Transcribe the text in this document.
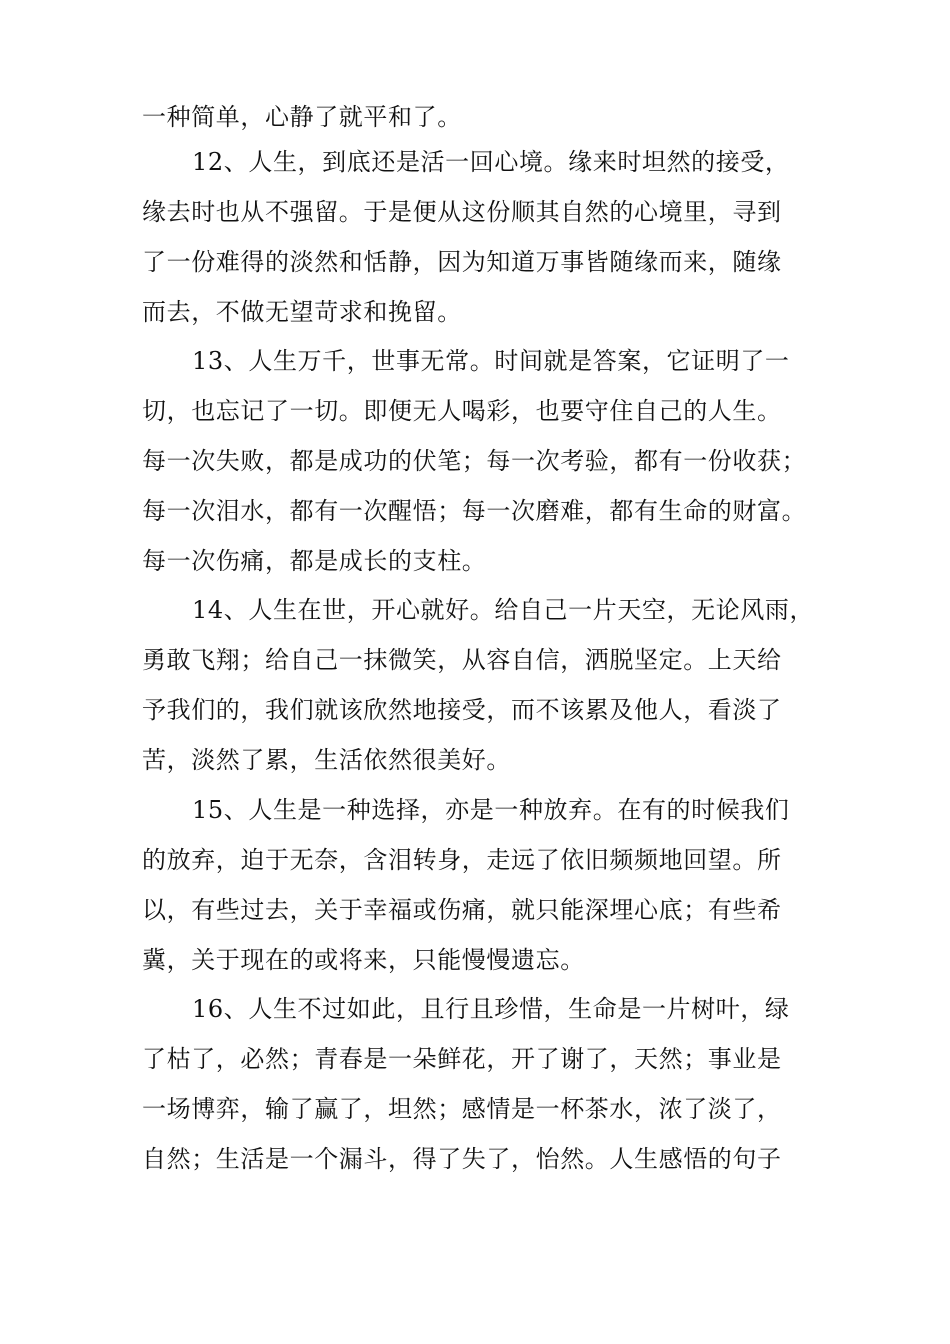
一种简单，心静了就平和了。

12、人生，到底还是活一回心境。缘来时坦然的接受，

缘去时也从不强留。于是便从这份顺其自然的心境里，寻到

了一份难得的淡然和恬静，因为知道万事皆随缘而来，随缘

而去，不做无望苛求和挽留。

13、人生万千，世事无常。时间就是答案，它证明了一

切，也忘记了一切。即便无人喝彩，也要守住自己的人生。

每一次失败，都是成功的伏笔；每一次考验，都有一份收获；

每一次泪水，都有一次醒悟；每一次磨难，都有生命的财富。

每一次伤痛，都是成长的支柱。

14、人生在世，开心就好。给自己一片天空，无论风雨，

勇敢飞翔；给自己一抹微笑，从容自信，洒脱坚定。上天给

予我们的，我们就该欣然地接受，而不该累及他人，看淡了

苦，淡然了累，生活依然很美好。

15、人生是一种选择，亦是一种放弃。在有的时候我们

的放弃，迫于无奈，含泪转身，走远了依旧频频地回望。所

以，有些过去，关于幸福或伤痛，就只能深埋心底；有些希

冀，关于现在的或将来，只能慢慢遗忘。

16、人生不过如此，且行且珍惜，生命是一片树叶，绿

了枯了，必然；青春是一朵鲜花，开了谢了，天然；事业是

一场博弈，输了赢了，坦然；感情是一杯茶水，浓了淡了，

自然；生活是一个漏斗，得了失了，怡然。人生感悟的句子
